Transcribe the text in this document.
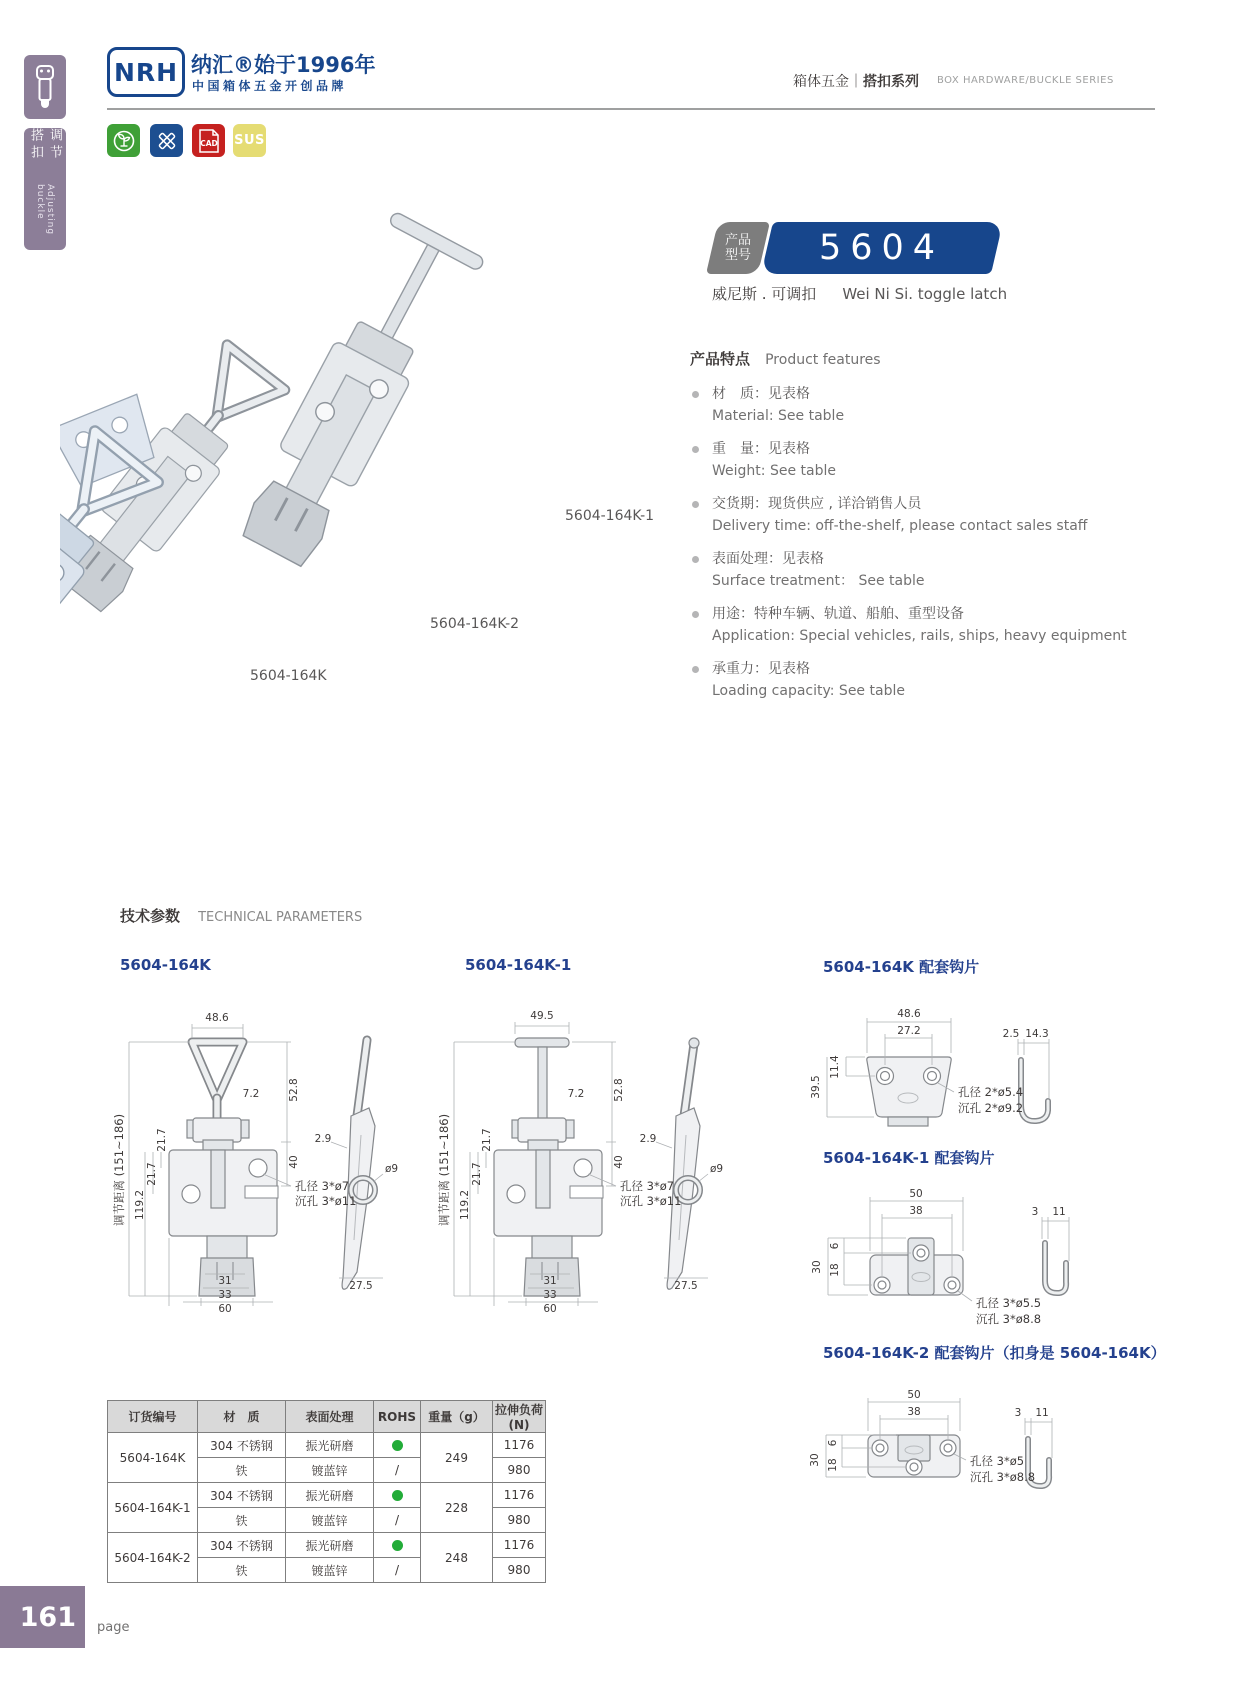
调节搭扣
Adjusting buckle
NRH 纳汇®始于1996年
中国箱体五金开创品牌	箱体五金｜搭扣系列 BOX HARDWARE/BUCKLE SERIES
CAD SUS
5604-164K-1
5604-164K-2
5604-164K
产品
型号 5604
威尼斯 . 可调扣 Wei Ni Si. toggle latch
产品特点 Product features
材　质：见表格
Material: See table
重　量：见表格
Weight: See table
交货期：现货供应 , 详洽销售人员
Delivery time: off-the-shelf, please contact sales staff
表面处理：见表格
Surface treatment： See table
用途：特种车辆、轨道、船舶、重型设备
Application: Special vehicles, rails, ships, heavy equipment
承重力：见表格
Loading capacity: See table
技术参数 TECHNICAL PARAMETERS
5604-164K	5604-164K-1	5604-164K 配套钩片
5604-164K-1 配套钩片
5604-164K-2 配套钩片（扣身是 5604-164K）
48.6
52.8
7.2
40
调节距离 (151~186)	21.7
21.7
119.2
孔径 3*ø7
沉孔 3*ø11
31
33
60
2.9
ø9
27.5
49.5
52.8
7.2
40
调节距离 (151~186)	21.7
21.7
119.2
孔径 3*ø7
沉孔 3*ø11
31
33
60
2.9
ø9
27.5
48.6
27.2
11.4
39.5	孔径 2*ø5.4
沉孔 2*ø9.2
2.5 14.3
50
38
30
6
18
孔径 3*ø5.5
沉孔 3*ø8.8
3 11
50
38
30
6
18	孔径 3*ø5
沉孔 3*ø8.8
3 11
订货编号	材　质	表面处理	ROHS	重量（g）	拉伸负荷 (N)
5604-164K	304 不锈钢	振光研磨		249	1176
	铁	镀蓝锌	/		980
5604-164K-1	304 不锈钢	振光研磨		228	1176
	铁	镀蓝锌	/		980
5604-164K-2	304 不锈钢	振光研磨		248	1176
	铁	镀蓝锌	/		980
161	page
